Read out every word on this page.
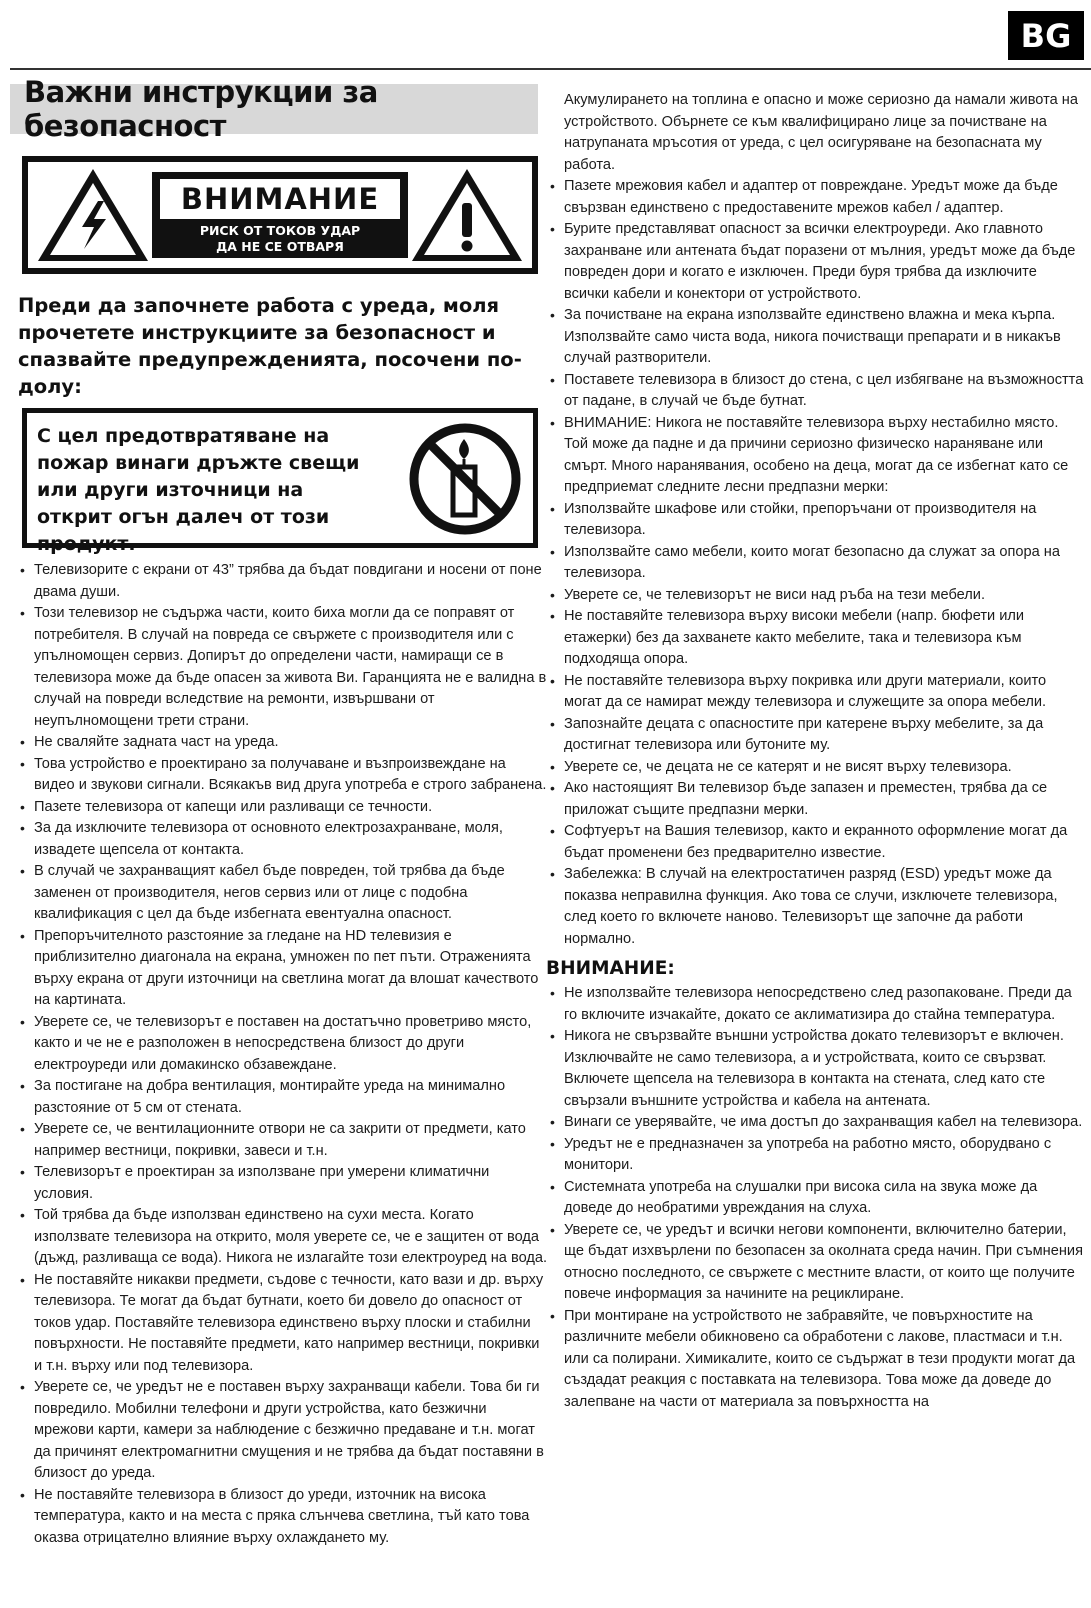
BG
Важни инструкции за безопасност
ВНИМАНИЕ
РИСК ОТ ТОКОВ УДАР
ДА НЕ СЕ ОТВАРЯ
Преди да започнете работа с уреда, моля прочетете инструкциите за безопасност и спазвайте предупрежденията, посочени по-долу:
С цел предотвратяване на пожар винаги дръжте свещи или други източници на открит огън далеч от този продукт.
• Телевизорите с екрани от 43” трябва да бъдат повдигани и носени от поне двама души.
• Този телевизор не съдържа части, които биха могли да се поправят от потребителя. В случай на повреда се свържете с производителя или с упълномощен сервиз. Допирът до определени части, намиращи се в телевизора може да бъде опасен за живота Ви. Гаранцията не е валидна в случай на повреди вследствие на ремонти, извършвани от неупълномощени трети страни.
• Не сваляйте задната част на уреда.
• Това устройство е проектирано за получаване и възпроизвеждане на видео и звукови сигнали. Всякакъв вид друга употреба е строго забранена.
• Пазете телевизора от капещи или разливащи се течности.
• За да изключите телевизора от основното електрозахранване, моля, извадете щепсела от контакта.
• В случай че захранващият кабел бъде повреден, той трябва да бъде заменен от производителя, негов сервиз или от лице с подобна квалификация с цел да бъде избегната евентуална опасност.
• Препоръчителното разстояние за гледане на HD телевизия е приблизително диагонала на екрана, умножен по пет пъти. Отраженията върху екрана от други източници на светлина могат да влошат качеството на картината.
• Уверете се, че телевизорът е поставен на достатъчно проветриво място, както и че не е разположен в непосредствена близост до други електроуреди или домакинско обзавеждане.
• За постигане на добра вентилация, монтирайте уреда на минимално разстояние от 5 см от стената.
• Уверете се, че вентилационните отвори не са закрити от предмети, като например вестници, покривки, завеси и т.н.
• Телевизорът е проектиран за използване при умерени климатични условия.
• Той трябва да бъде използван единствено на сухи места. Когато използвате телевизора на открито, моля уверете се, че е защитен от вода (дъжд, разливаща се вода). Никога не излагайте този електроуред на вода.
• Не поставяйте никакви предмети, съдове с течности, като вази и др. върху телевизора. Те могат да бъдат бутнати, което би довело до опасност от токов удар. Поставяйте телевизора единствено върху плоски и стабилни повърхности. Не поставяйте предмети, като например вестници, покривки и т.н. върху или под телевизора.
• Уверете се, че уредът не е поставен върху захранващи кабели. Това би ги повредило. Мобилни телефони и други устройства, като безжични мрежови карти, камери за наблюдение с безжично предаване и т.н. могат да причинят електромагнитни смущения и не трябва да бъдат поставяни в близост до уреда.
• Не поставяйте телевизора в близост до уреди, източник на висока температура, както и на места с пряка слънчева светлина, тъй като това оказва отрицателно влияние върху охлаждането му.
Акумулирането на топлина е опасно и може сериозно да намали живота на устройството. Обърнете се към квалифицирано лице за почистване на натрупаната мръсотия от уреда, с цел осигуряване на безопасната му работа.
• Пазете мрежовия кабел и адаптер от повреждане. Уредът може да бъде свързван единствено с предоставените мрежов кабел / адаптер.
• Бурите представляват опасност за всички електроуреди. Ако главното захранване или антената бъдат поразени от мълния, уредът може да бъде повреден дори и когато е изключен. Преди буря трябва да изключите всички кабели и конектори от устройството.
• За почистване на екрана използвайте единствено влажна и мека кърпа. Използвайте само чиста вода, никога почистващи препарати и в никакъв случай разтворители.
• Поставете телевизора в близост до стена, с цел избягване на възможността от падане, в случай че бъде бутнат.
• ВНИМАНИЕ: Никога не поставяйте телевизора върху нестабилно място. Той може да падне и да причини сериозно физическо нараняване или смърт. Много наранявания, особено на деца, могат да се избегнат като се предприемат следните лесни предпазни мерки:
• Използвайте шкафове или стойки, препоръчани от производителя на телевизора.
• Използвайте само мебели, които могат безопасно да служат за опора на телевизора.
• Уверете се, че телевизорът не виси над ръба на тези мебели.
• Не поставяйте телевизора върху високи мебели (напр. бюфети или етажерки) без да захванете както мебелите, така и телевизора към подходяща опора.
• Не поставяйте телевизора върху покривка или други материали, които могат да се намират между телевизора и служещите за опора мебели.
• Запознайте децата с опасностите при катерене върху мебелите, за да достигнат телевизора или бутоните му.
• Уверете се, че децата не се катерят и не висят върху телевизора.
• Ако настоящият Ви телевизор бъде запазен и преместен, трябва да се приложат същите предпазни мерки.
• Софтуерът на Вашия телевизор, както и екранното оформление могат да бъдат променени без предварително известие.
• Забележка: В случай на електростатичен разряд (ESD) уредът може да показва неправилна функция. Ако това се случи, изключете телевизора, след което го включете наново. Телевизорът ще започне да работи нормално.
ВНИМАНИЕ:
• Не използвайте телевизора непосредствено след разопаковане. Преди да го включите изчакайте, докато се аклиматизира до стайна температура.
• Никога не свързвайте външни устройства докато телевизорът е включен. Изключвайте не само телевизора, а и устройствата, които се свързват. Включете щепсела на телевизора в контакта на стената, след като сте свързали външните устройства и кабела на антената.
• Винаги се уверявайте, че има достъп до захранващия кабел на телевизора.
• Уредът не е предназначен за употреба на работно място, оборудвано с монитори.
• Системната употреба на слушалки при висока сила на звука може да доведе до необратими увреждания на слуха.
• Уверете се, че уредът и всички негови компоненти, включително батерии, ще бъдат изхвърлени по безопасен за околната среда начин. При съмнения относно последното, се свържете с местните власти, от които ще получите повече информация за начините на рециклиране.
• При монтиране на устройството не забравяйте, че повърхностите на различните мебели обикновено са обработени с лакове, пластмаси и т.н. или са полирани. Химикалите, които се съдържат в тези продукти могат да създадат реакция с поставката на телевизора. Това може да доведе до залепване на части от материала за повърхността на
